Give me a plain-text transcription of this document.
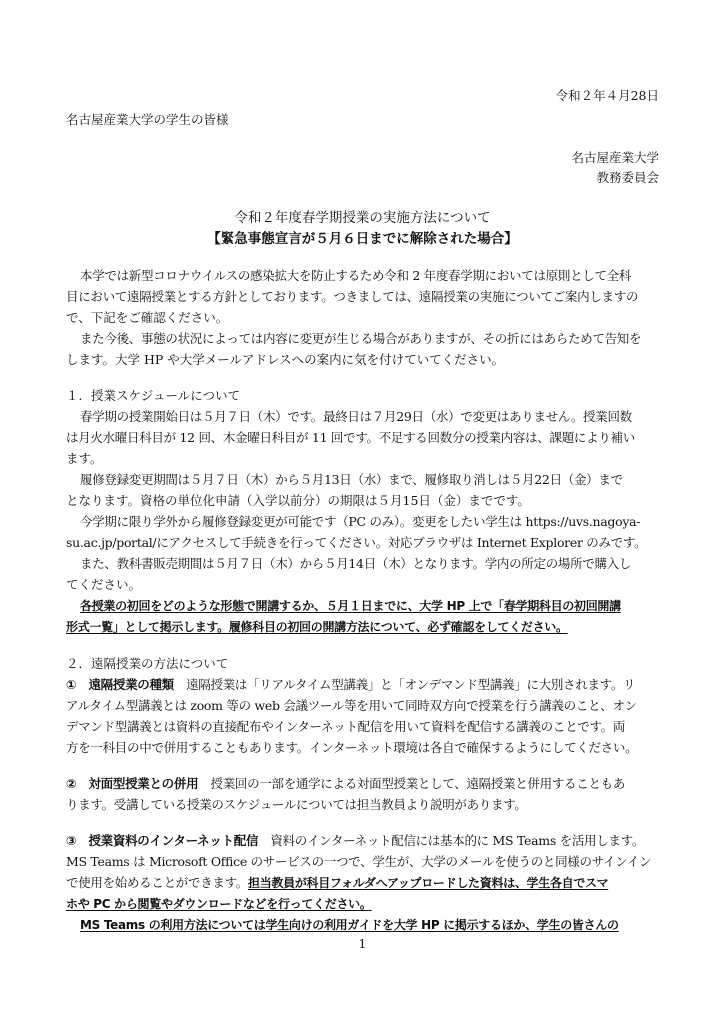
令和２年４月28日
名古屋産業大学の学生の皆様
名古屋産業大学
教務委員会
令和２年度春学期授業の実施方法について
【緊急事態宣言が５月６日までに解除された場合】
本学では新型コロナウイルスの感染拡大を防止するため令和 2 年度春学期においては原則として全科
目において遠隔授業とする方針としております。つきましては、遠隔授業の実施についてご案内しますの
で、下記をご確認ください。
また今後、事態の状況によっては内容に変更が生じる場合がありますが、その折にはあらためて告知を
します。大学 HP や大学メールアドレスへの案内に気を付けていてください。
１．授業スケジュールについて
春学期の授業開始日は５月７日（木）です。最終日は７月29日（水）で変更はありません。授業回数
は月火水曜日科目が 12 回、木金曜日科目が 11 回です。不足する回数分の授業内容は、課題により補い
ます。
履修登録変更期間は５月７日（木）から５月13日（水）まで、履修取り消しは５月22日（金）まで
となります。資格の単位化申請（入学以前分）の期限は５月15日（金）までです。
今学期に限り学外から履修登録変更が可能です（PC のみ）。変更をしたい学生は https://uvs.nagoya-
su.ac.jp/portal/にアクセスして手続きを行ってください。対応ブラウザは Internet Explorer のみです。
また、教科書販売期間は５月７日（木）から５月14日（木）となります。学内の所定の場所で購入し
てください。
各授業の初回をどのような形態で開講するか、５月１日までに、大学 HP 上で「春学期科目の初回開講
形式一覧」として掲示します。履修科目の初回の開講方法について、必ず確認をしてください。
２．遠隔授業の方法について
①　遠隔授業の種類　遠隔授業は「リアルタイム型講義」と「オンデマンド型講義」に大別されます。リ
アルタイム型講義とは zoom 等の web 会議ツール等を用いて同時双方向で授業を行う講義のこと、オン
デマンド型講義とは資料の直接配布やインターネット配信を用いて資料を配信する講義のことです。両
方を一科目の中で併用することもあります。インターネット環境は各自で確保するようにしてください。
②　対面型授業との併用　授業回の一部を通学による対面型授業として、遠隔授業と併用することもあ
ります。受講している授業のスケジュールについては担当教員より説明があります。
③　授業資料のインターネット配信　資料のインターネット配信には基本的に MS Teams を活用します。
MS Teams は Microsoft Office のサービスの一つで、学生が、大学のメールを使うのと同様のサインイン
で使用を始めることができます。担当教員が科目フォルダへアップロードした資料は、学生各自でスマ
ホや PC から閲覧やダウンロードなどを行ってください。
MS Teams の利用方法については学生向けの利用ガイドを大学 HP に掲示するほか、学生の皆さんの
1
